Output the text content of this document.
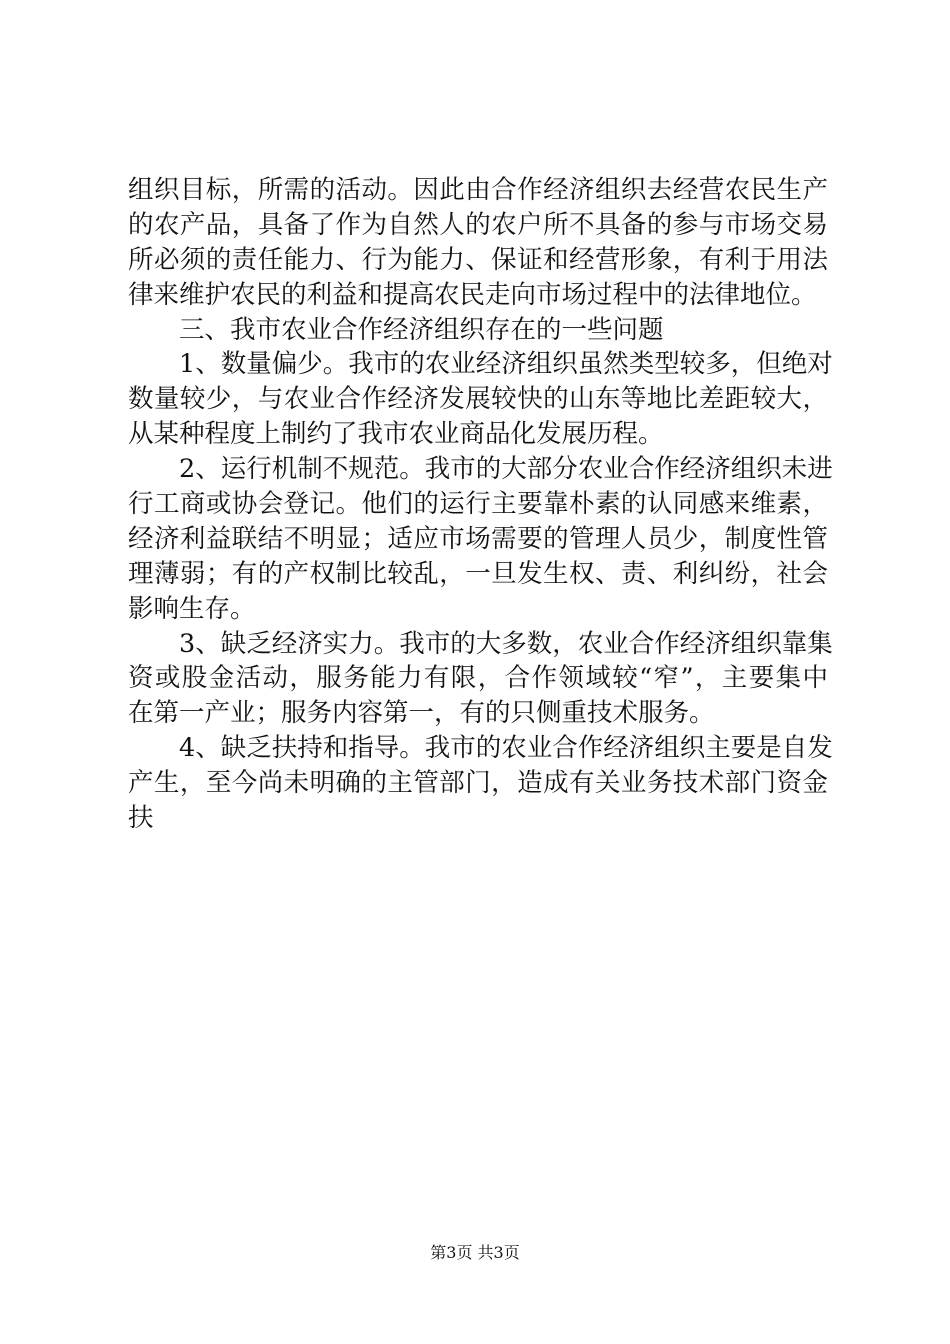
组织目标，所需的活动。因此由合作经济组织去经营农民生产
的农产品，具备了作为自然人的农户所不具备的参与市场交易
所必须的责任能力、行为能力、保证和经营形象，有利于用法
律来维护农民的利益和提高农民走向市场过程中的法律地位。
　　三、我市农业合作经济组织存在的一些问题
　　1、数量偏少。我市的农业经济组织虽然类型较多，但绝对
数量较少，与农业合作经济发展较快的山东等地比差距较大，
从某种程度上制约了我市农业商品化发展历程。
　　2、运行机制不规范。我市的大部分农业合作经济组织未进
行工商或协会登记。他们的运行主要靠朴素的认同感来维素，
经济利益联结不明显；适应市场需要的管理人员少，制度性管
理薄弱；有的产权制比较乱，一旦发生权、责、利纠纷，社会
影响生存。
　　3、缺乏经济实力。我市的大多数，农业合作经济组织靠集
资或股金活动，服务能力有限，合作领域较“窄”，主要集中
在第一产业；服务内容第一，有的只侧重技术服务。
　　4、缺乏扶持和指导。我市的农业合作经济组织主要是自发
产生，至今尚未明确的主管部门，造成有关业务技术部门资金
扶
第3页 共3页
